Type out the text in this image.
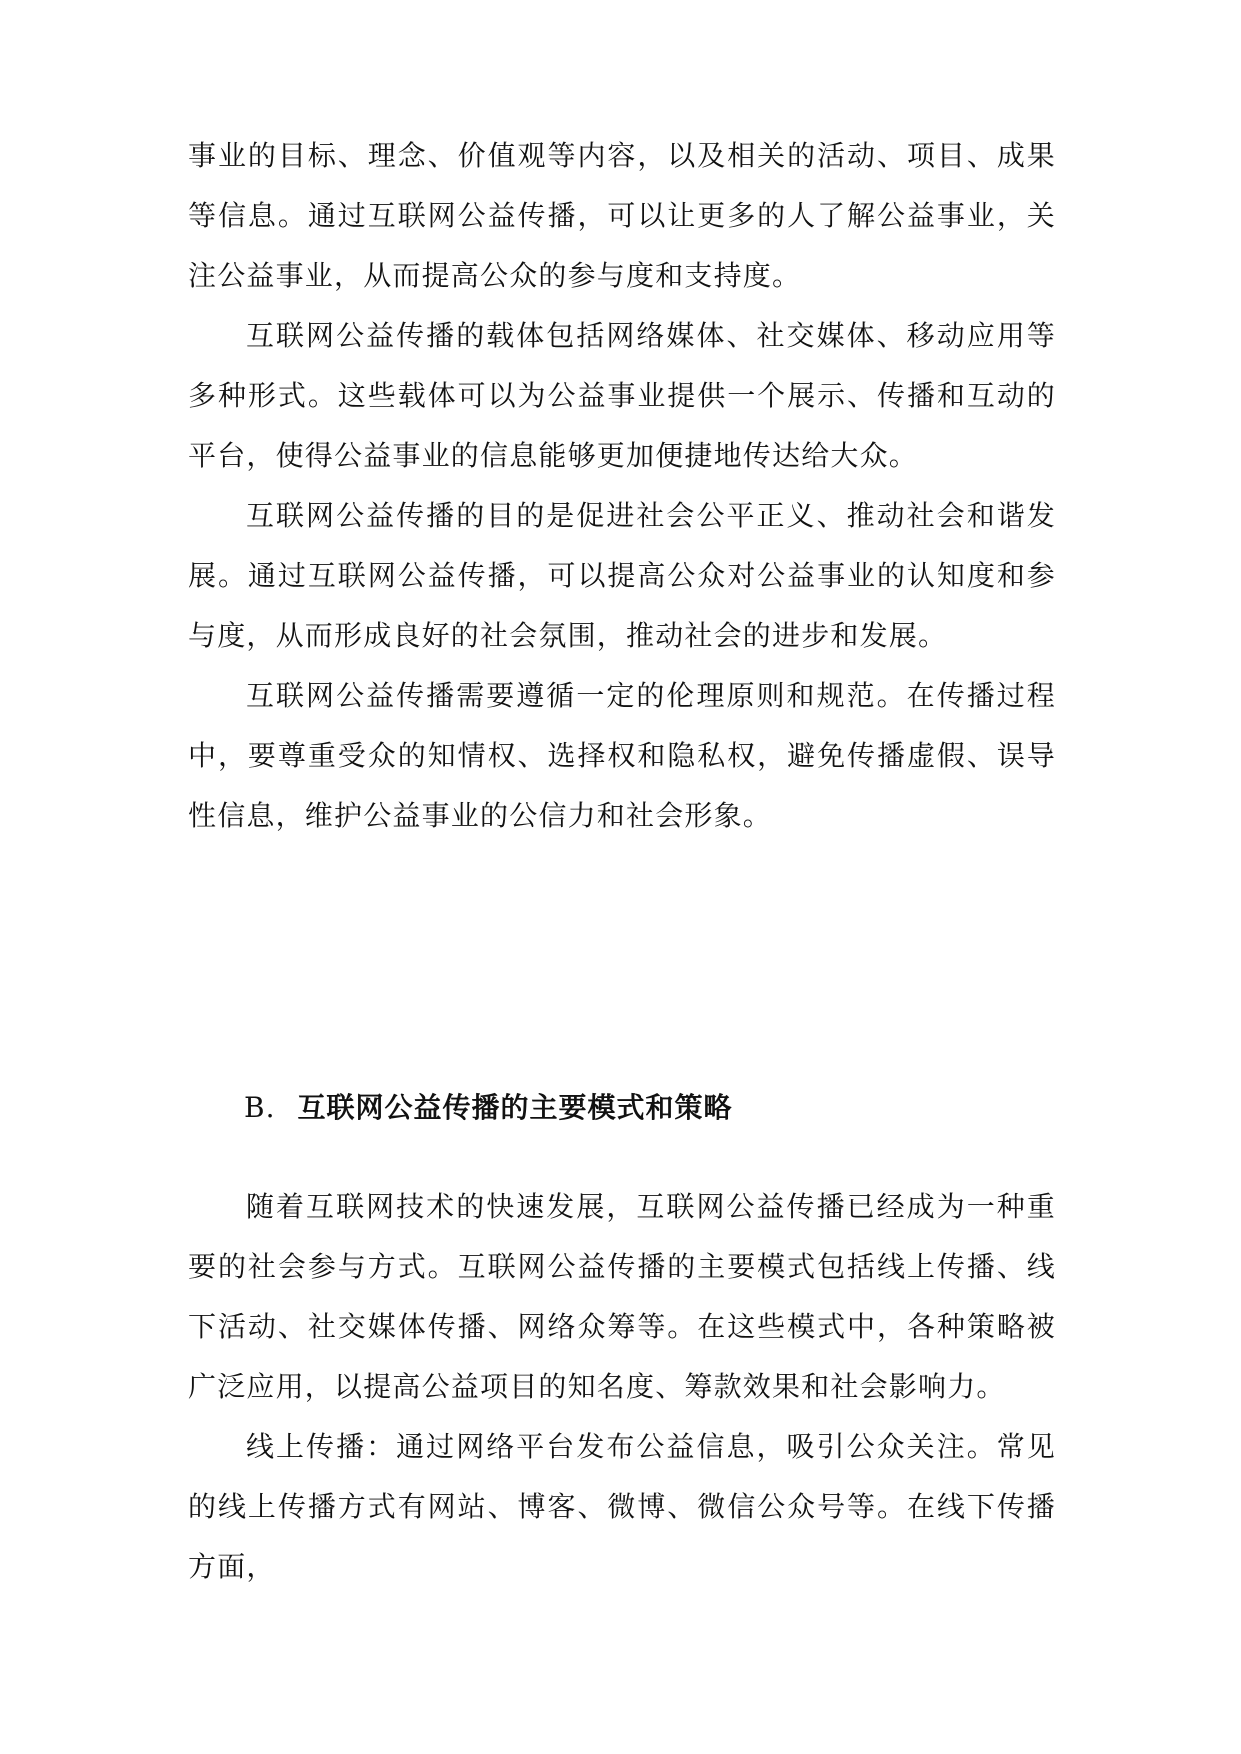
事业的目标、理念、价值观等内容，以及相关的活动、项目、成果等信息。通过互联网公益传播，可以让更多的人了解公益事业，关注公益事业，从而提高公众的参与度和支持度。

互联网公益传播的载体包括网络媒体、社交媒体、移动应用等多种形式。这些载体可以为公益事业提供一个展示、传播和互动的平台，使得公益事业的信息能够更加便捷地传达给大众。

互联网公益传播的目的是促进社会公平正义、推动社会和谐发展。通过互联网公益传播，可以提高公众对公益事业的认知度和参与度，从而形成良好的社会氛围，推动社会的进步和发展。

互联网公益传播需要遵循一定的伦理原则和规范。在传播过程中，要尊重受众的知情权、选择权和隐私权，避免传播虚假、误导性信息，维护公益事业的公信力和社会形象。

B. 互联网公益传播的主要模式和策略

随着互联网技术的快速发展，互联网公益传播已经成为一种重要的社会参与方式。互联网公益传播的主要模式包括线上传播、线下活动、社交媒体传播、网络众筹等。在这些模式中，各种策略被广泛应用，以提高公益项目的知名度、筹款效果和社会影响力。

线上传播：通过网络平台发布公益信息，吸引公众关注。常见的线上传播方式有网站、博客、微博、微信公众号等。在线下传播方面，
